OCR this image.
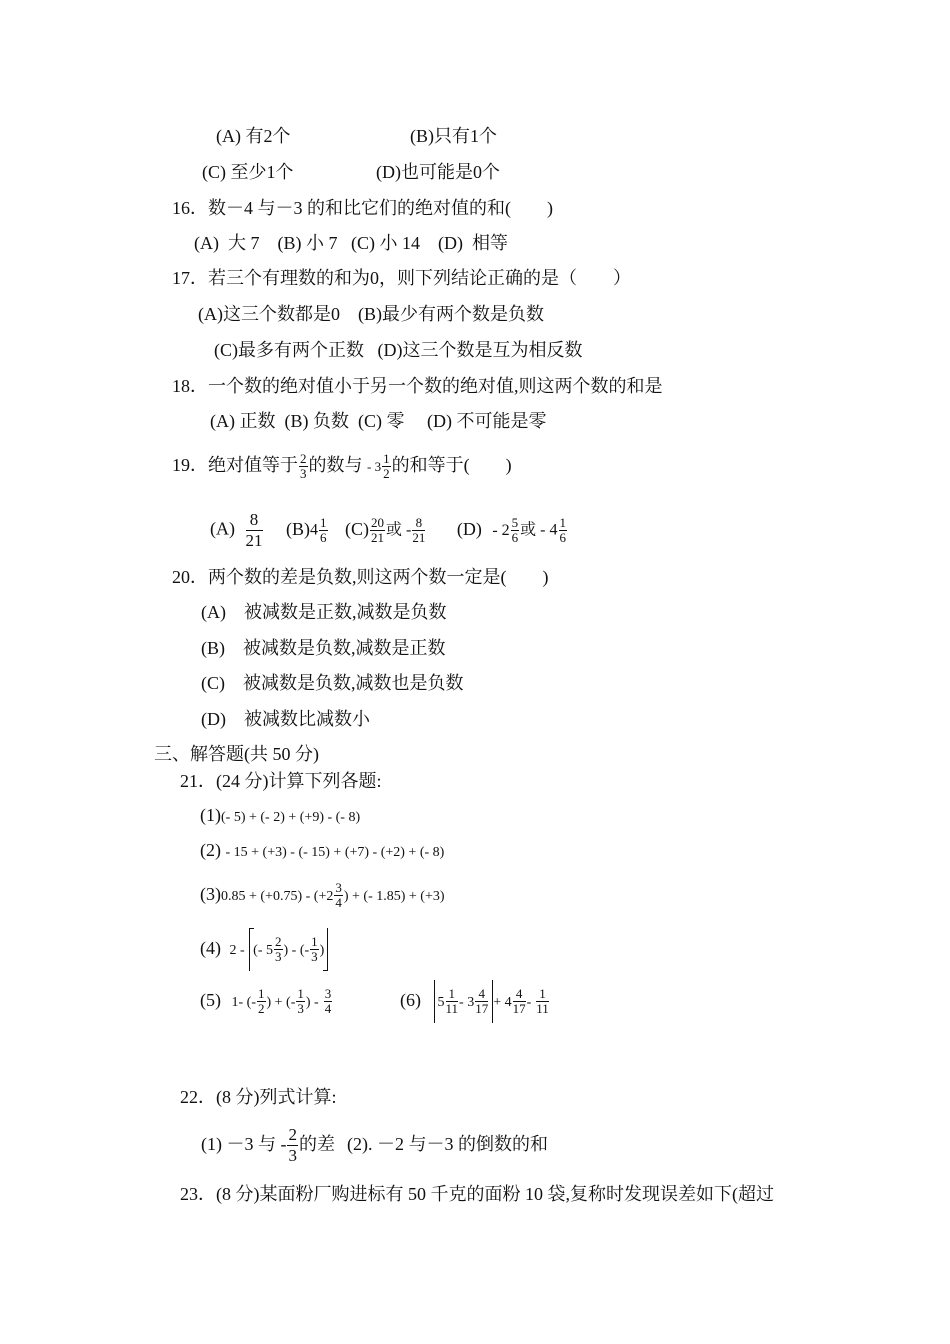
(A) 有2个	(B)只有1个
(C) 至少1个	(D)也可能是0个
16．数－4 与－3 的和比它们的绝对值的和(　　)
(A)  大 7    (B) 小 7   (C) 小 14    (D)  相等
17．若三个有理数的和为0，则下列结论正确的是（　　）
(A)这三个数都是0    (B)最少有两个数是负数
(C)最多有两个正数   (D)这三个数是互为相反数
18．一个数的绝对值小于另一个数的绝对值,则这两个数的和是
(A) 正数  (B) 负数  (C) 零     (D) 不可能是零
19．绝对值等于 $\frac{2}{3}$ 的数与 - $3 \frac{1}{2}$ 的和等于(　　)
$(A) \frac{8}{21} (B)4 \frac{1}{6} (C) \frac{20}{21}$ 或 - $\frac{8}{21} (D) - 2 \frac{5}{6}$ 或 - $4 \frac{1}{6}$
20．两个数的差是负数,则这两个数一定是(　　)
(A) 被减数是正数,减数是负数
(B) 被减数是负数,减数是正数
(C) 被减数是负数,减数也是负数
(D) 被减数比减数小
三、解答题(共 50 分)
21．(24 分)计算下列各题:
(1)(- 5) + (- 2) + (+9) - (- 8)
(2) - 15 + (+3) - (- 15) + (+7) - (+2) + (- 8)
$(3)0.85 + (+0.75) - (+2 \frac{3}{4}$ ) + (- 1.85) + (+3)
(4) 2 - (- $5 \frac{2}{3}$ ) - (- $\frac{1}{3}$ )
(5) 1- (- $\frac{1}{2}$ ) + (- $\frac{1}{3}$ ) - $\frac{3}{4}$	(6) $5 \frac{1}{11} - 3 \frac{4}{17} + 4 \frac{4}{17} - \frac{1}{11}$
22．(8 分)列式计算:
(1) －3 与 - $\frac{2}{3}$ 的差 (2). －2 与－3 的倒数的和
23．(8 分)某面粉厂购进标有 50 千克的面粉 10 袋,复称时发现误差如下(超过
